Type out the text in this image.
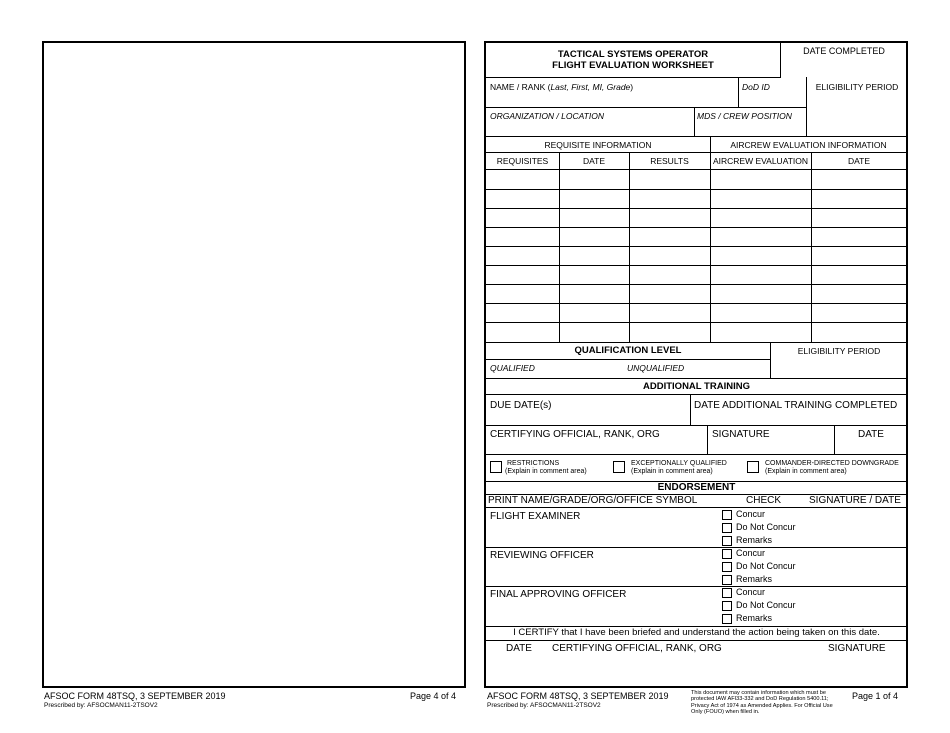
AFSOC FORM 48TSQ, 3 SEPTEMBER 2019
Prescribed by: AFSOCMAN11-2TSOV2
Page 4 of 4
TACTICAL SYSTEMS OPERATOR
FLIGHT EVALUATION WORKSHEET
DATE COMPLETED
NAME / RANK (Last, First, MI, Grade)	DoD ID	ELIGIBILITY PERIOD
ORGANIZATION / LOCATION	MDS / CREW POSITION
REQUISITE INFORMATION	AIRCREW EVALUATION INFORMATION
REQUISITES	DATE	RESULTS	AIRCREW EVALUATION	DATE
QUALIFICATION LEVEL	ELIGIBILITY PERIOD
QUALIFIED	UNQUALIFIED
ADDITIONAL TRAINING
DUE DATE(s)	DATE ADDITIONAL TRAINING COMPLETED
CERTIFYING OFFICIAL, RANK, ORG	SIGNATURE	DATE
RESTRICTIONS
(Explain in comment area)
EXCEPTIONALLY QUALIFIED
(Explain in comment area)
COMMANDER-DIRECTED DOWNGRADE
(Explain in comment area)
ENDORSEMENT
PRINT NAME/GRADE/ORG/OFFICE SYMBOL	CHECK	SIGNATURE / DATE
FLIGHT EXAMINER	Concur
Do Not Concur
Remarks
REVIEWING OFFICER	Concur
Do Not Concur
Remarks
FINAL APPROVING OFFICER	Concur
Do Not Concur
Remarks
I CERTIFY that I have been briefed and understand the action being taken on this date.
DATE CERTIFYING OFFICIAL, RANK, ORG	SIGNATURE
AFSOC FORM 48TSQ, 3 SEPTEMBER 2019
Prescribed by: AFSOCMAN11-2TSOV2
This document may contain information which must be protected IAW AFI33-332 and DoD Regulation 5400.11; Privacy Act of 1974 as Amended Applies. For Official Use Only (FOUO) when filled in.
Page 1 of 4
